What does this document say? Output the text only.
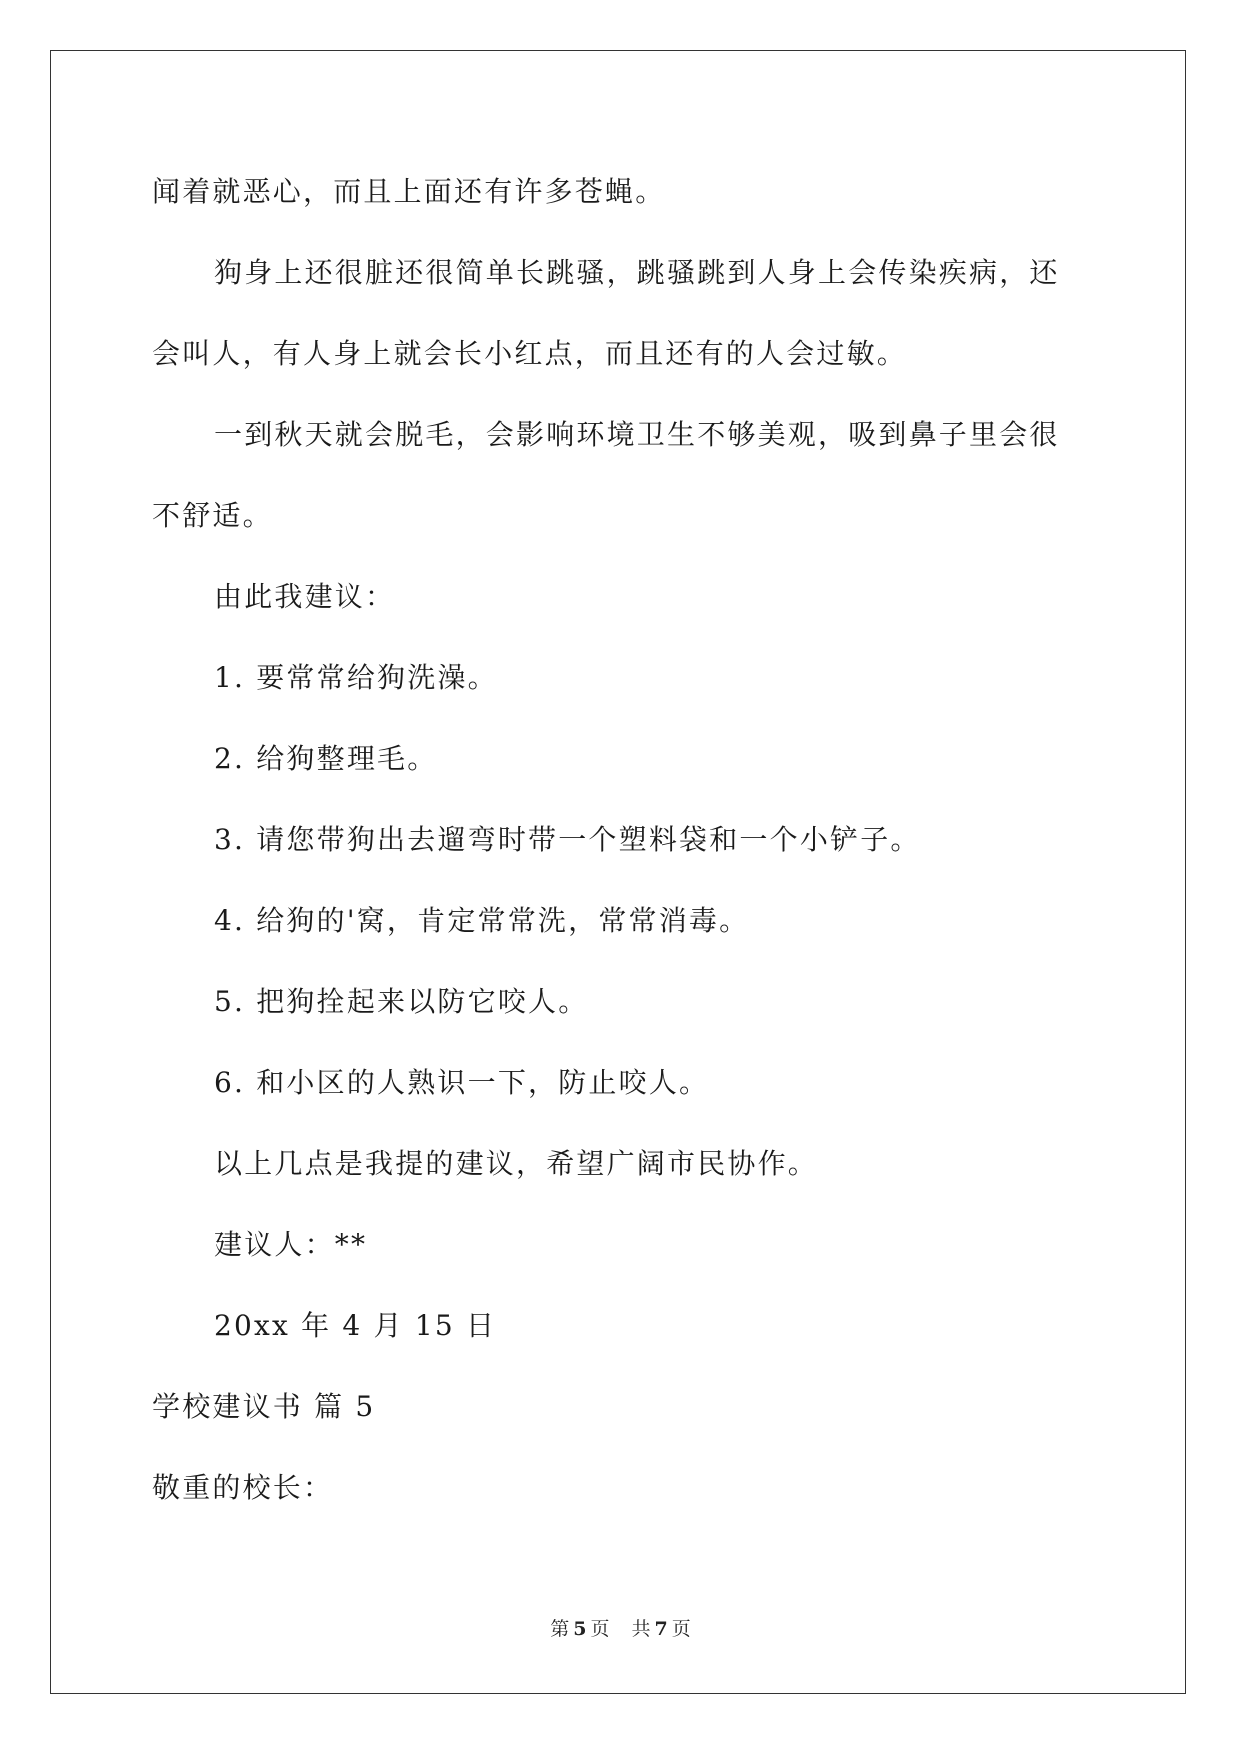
闻着就恶心，而且上面还有许多苍蝇。
狗身上还很脏还很简单长跳骚，跳骚跳到人身上会传染疾病，还
会叫人，有人身上就会长小红点，而且还有的人会过敏。
一到秋天就会脱毛，会影响环境卫生不够美观，吸到鼻子里会很
不舒适。
由此我建议：
1. 要常常给狗洗澡。
2. 给狗整理毛。
3. 请您带狗出去遛弯时带一个塑料袋和一个小铲子。
4. 给狗的'窝，肯定常常洗，常常消毒。
5. 把狗拴起来以防它咬人。
6. 和小区的人熟识一下，防止咬人。
以上几点是我提的建议，希望广阔市民协作。
建议人：**
20xx 年 4 月 15 日
学校建议书 篇 5
敬重的校长：
第 5 页 共 7 页
